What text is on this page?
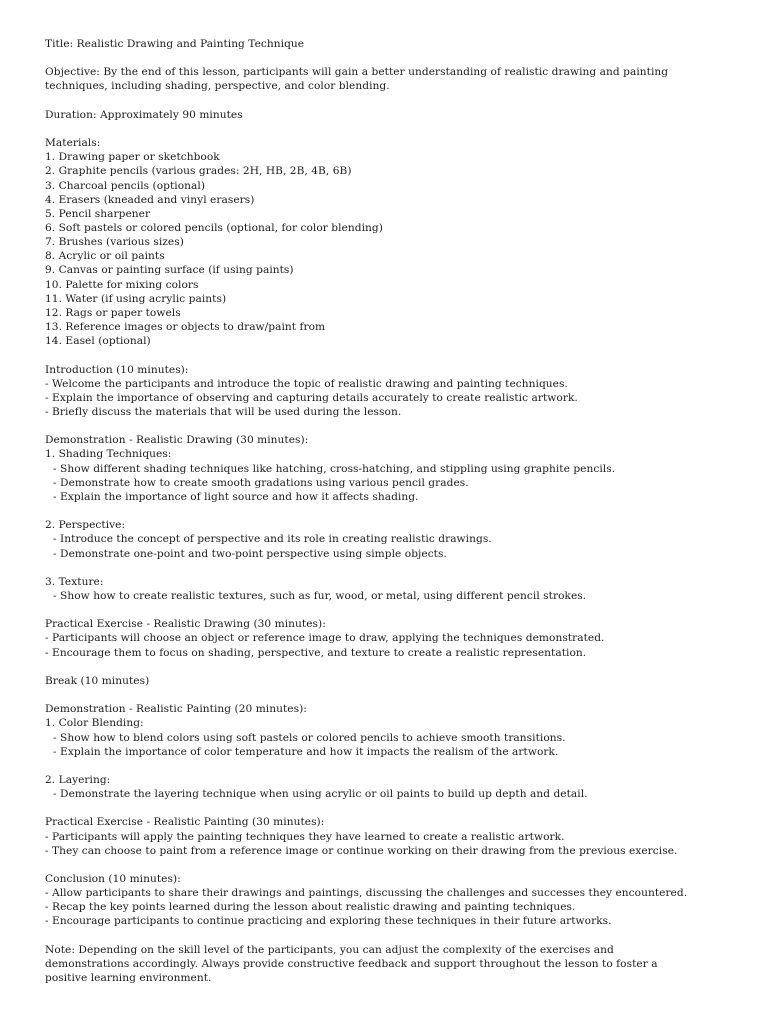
Title: Realistic Drawing and Painting Technique
Objective: By the end of this lesson, participants will gain a better understanding of realistic drawing and painting
techniques, including shading, perspective, and color blending.
Duration: Approximately 90 minutes
Materials:
1. Drawing paper or sketchbook
2. Graphite pencils (various grades: 2H, HB, 2B, 4B, 6B)
3. Charcoal pencils (optional)
4. Erasers (kneaded and vinyl erasers)
5. Pencil sharpener
6. Soft pastels or colored pencils (optional, for color blending)
7. Brushes (various sizes)
8. Acrylic or oil paints
9. Canvas or painting surface (if using paints)
10. Palette for mixing colors
11. Water (if using acrylic paints)
12. Rags or paper towels
13. Reference images or objects to draw/paint from
14. Easel (optional)
Introduction (10 minutes):
- Welcome the participants and introduce the topic of realistic drawing and painting techniques.
- Explain the importance of observing and capturing details accurately to create realistic artwork.
- Briefly discuss the materials that will be used during the lesson.
Demonstration - Realistic Drawing (30 minutes):
1. Shading Techniques:
- Show different shading techniques like hatching, cross-hatching, and stippling using graphite pencils.
- Demonstrate how to create smooth gradations using various pencil grades.
- Explain the importance of light source and how it affects shading.
2. Perspective:
- Introduce the concept of perspective and its role in creating realistic drawings.
- Demonstrate one-point and two-point perspective using simple objects.
3. Texture:
- Show how to create realistic textures, such as fur, wood, or metal, using different pencil strokes.
Practical Exercise - Realistic Drawing (30 minutes):
- Participants will choose an object or reference image to draw, applying the techniques demonstrated.
- Encourage them to focus on shading, perspective, and texture to create a realistic representation.
Break (10 minutes)
Demonstration - Realistic Painting (20 minutes):
1. Color Blending:
- Show how to blend colors using soft pastels or colored pencils to achieve smooth transitions.
- Explain the importance of color temperature and how it impacts the realism of the artwork.
2. Layering:
- Demonstrate the layering technique when using acrylic or oil paints to build up depth and detail.
Practical Exercise - Realistic Painting (30 minutes):
- Participants will apply the painting techniques they have learned to create a realistic artwork.
- They can choose to paint from a reference image or continue working on their drawing from the previous exercise.
Conclusion (10 minutes):
- Allow participants to share their drawings and paintings, discussing the challenges and successes they encountered.
- Recap the key points learned during the lesson about realistic drawing and painting techniques.
- Encourage participants to continue practicing and exploring these techniques in their future artworks.
Note: Depending on the skill level of the participants, you can adjust the complexity of the exercises and
demonstrations accordingly. Always provide constructive feedback and support throughout the lesson to foster a
positive learning environment.
